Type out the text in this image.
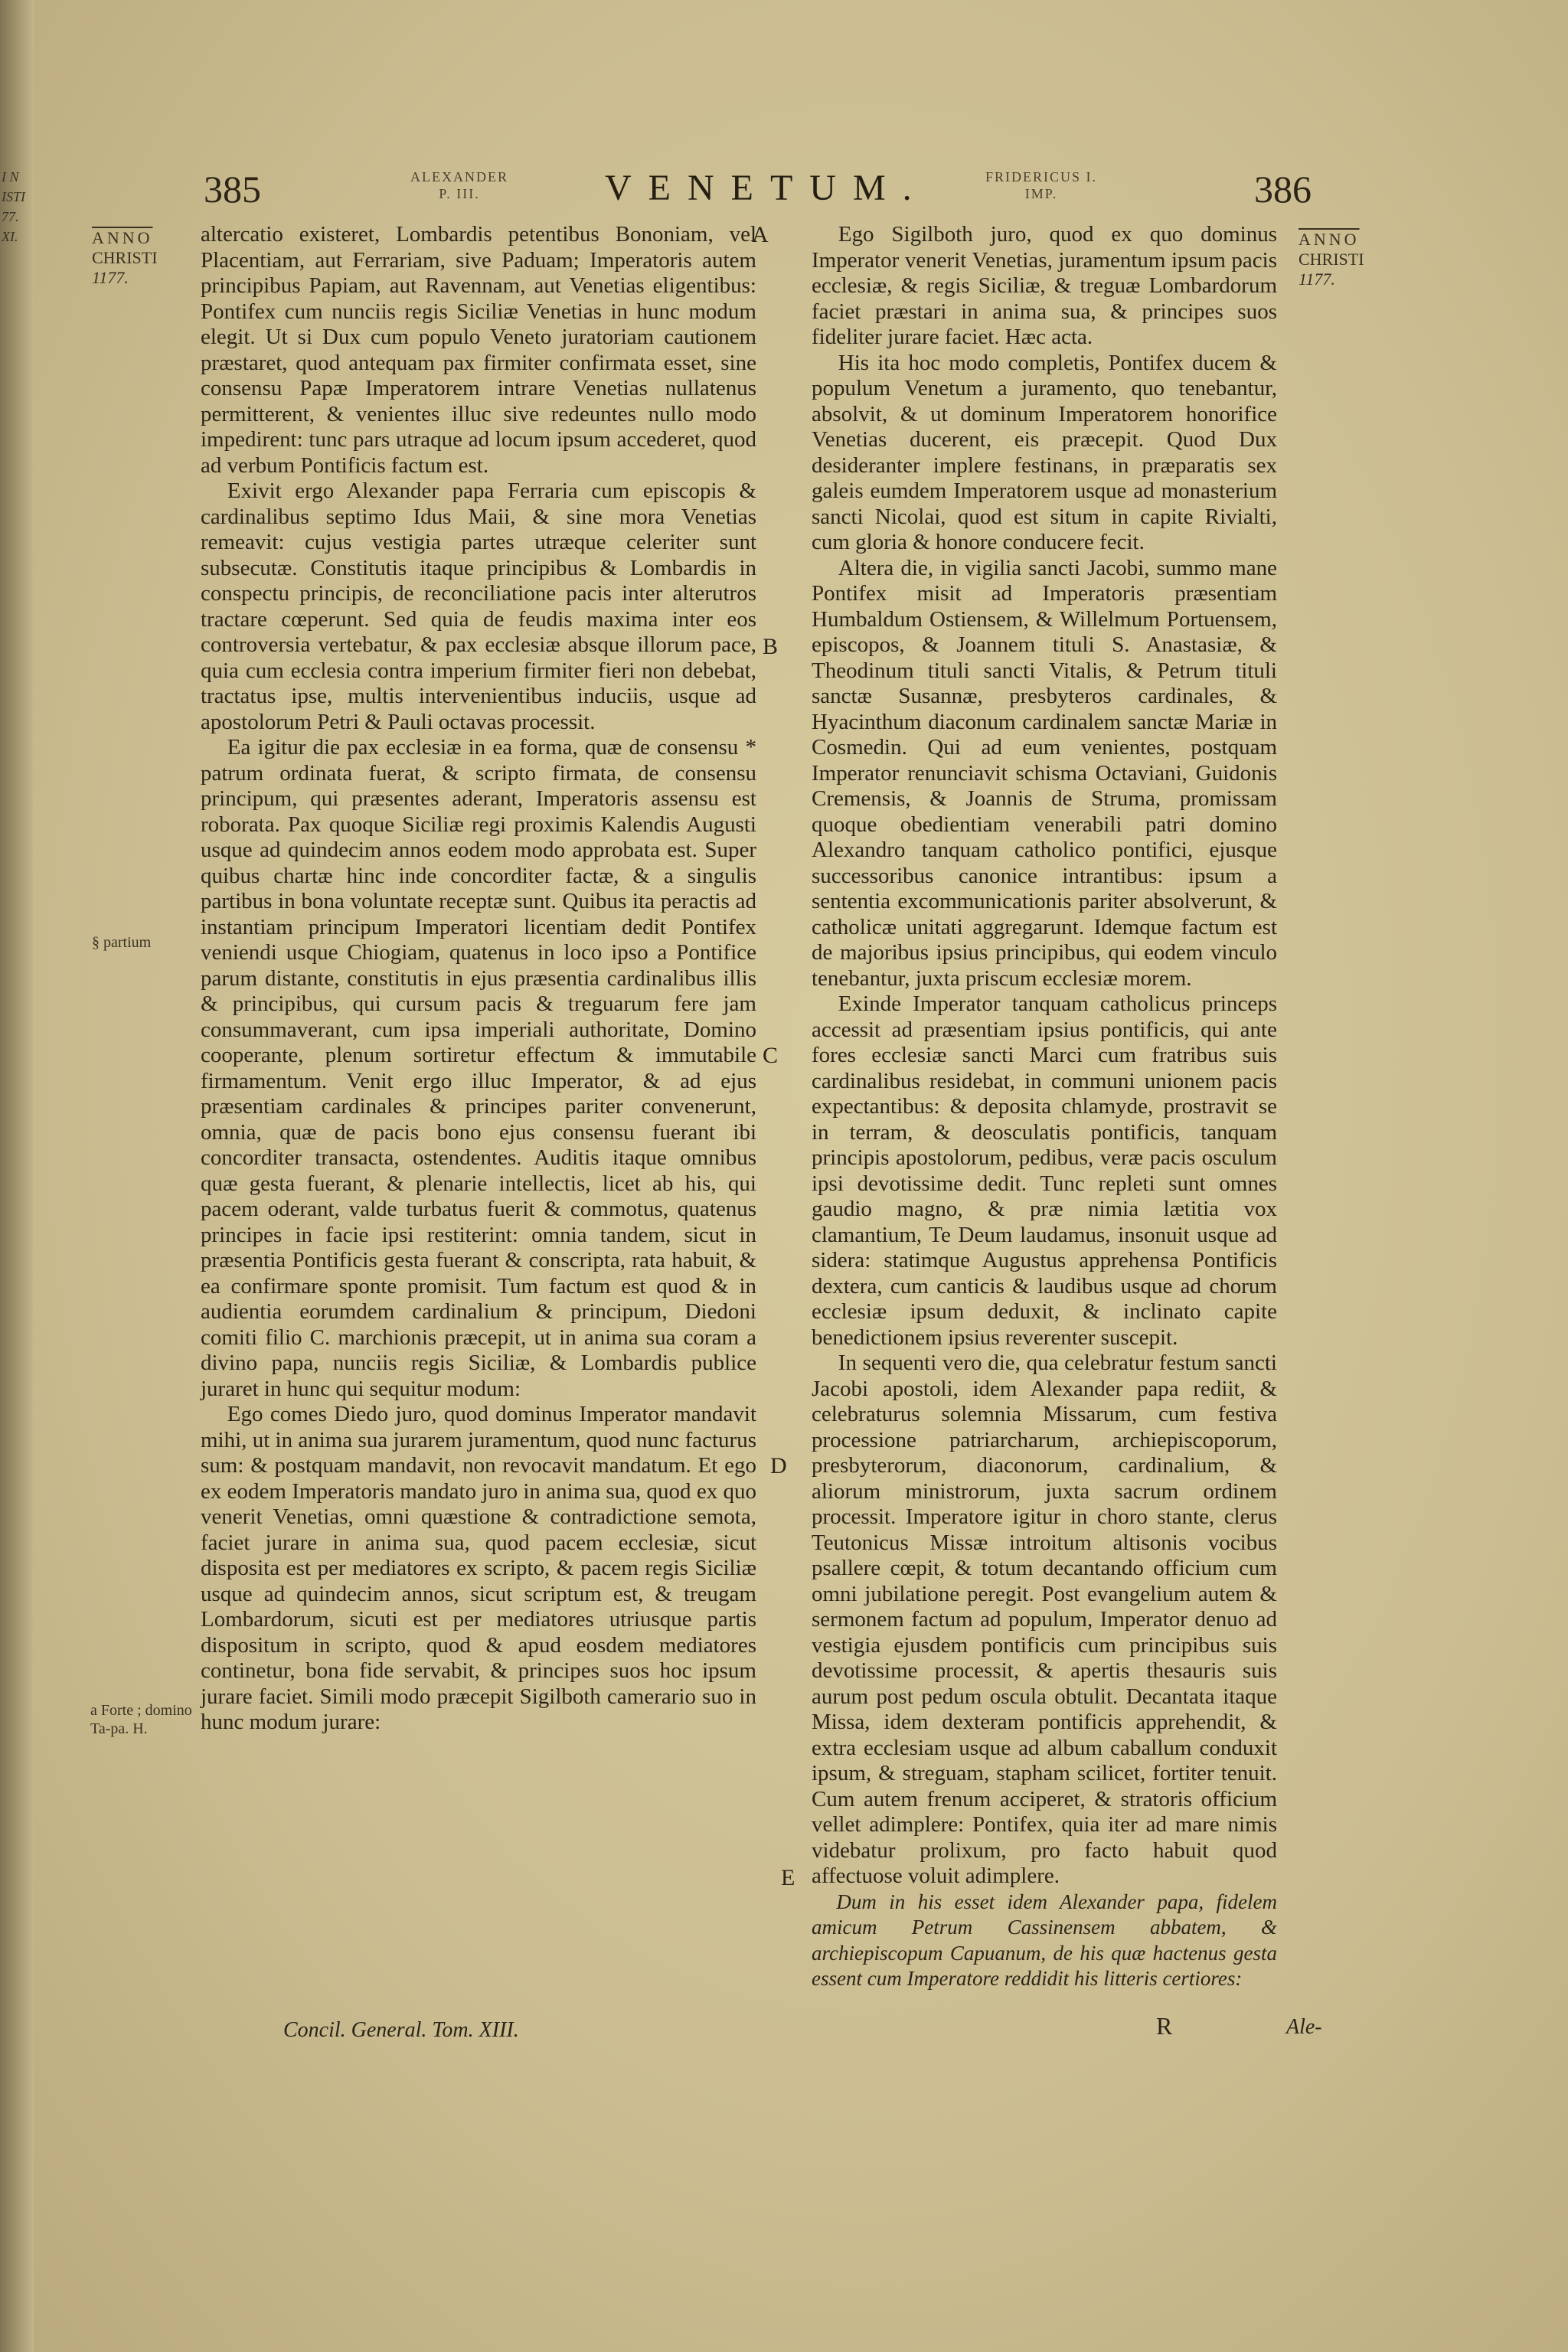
I N
ISTI
77.
XI.
385	ALEXANDER
P. III.	VENETUM.	FRIDERICUS I.
IMP.	386
ANNO
CHRISTI
1177.
ANNO
CHRISTI
1177.
§ partium
a Forte ; domino Ta-pa. H.

altercatio existeret, Lombardis petentibus Bononiam, vel Placentiam, aut Ferrariam, sive Paduam; Imperatoris autem principibus Papiam, aut Ravennam, aut Venetias eligentibus: Pontifex cum nunciis regis Siciliæ Venetias in hunc modum elegit. Ut si Dux cum populo Veneto juratoriam cautionem præstaret, quod antequam pax firmiter confirmata esset, sine consensu Papæ Imperatorem intrare Venetias nullatenus permitterent, & venientes illuc sive redeuntes nullo modo impedirent: tunc pars utraque ad locum ipsum accederet, quod ad verbum Pontificis factum est.

Exivit ergo Alexander papa Ferraria cum episcopis & cardinalibus septimo Idus Maii, & sine mora Venetias remeavit: cujus vestigia partes utræque celeriter sunt subsecutæ. Constitutis itaque principibus & Lombardis in conspectu principis, de reconciliatione pacis inter alterutros tractare cœperunt. Sed quia de feudis maxima inter eos controversia vertebatur, & pax ecclesiæ absque illorum pace, quia cum ecclesia contra imperium firmiter fieri non debebat, tractatus ipse, multis intervenientibus induciis, usque ad apostolorum Petri & Pauli octavas processit.

Ea igitur die pax ecclesiæ in ea forma, quæ de consensu * patrum ordinata fuerat, & scripto firmata, de consensu principum, qui præsentes aderant, Imperatoris assensu est roborata. Pax quoque Siciliæ regi proximis Kalendis Augusti usque ad quindecim annos eodem modo approbata est. Super quibus chartæ hinc inde concorditer factæ, & a singulis partibus in bona voluntate receptæ sunt. Quibus ita peractis ad instantiam principum Imperatori licentiam dedit Pontifex veniendi usque Chiogiam, quatenus in loco ipso a Pontifice parum distante, constitutis in ejus præsentia cardinalibus illis & principibus, qui cursum pacis & treguarum fere jam consummaverant, cum ipsa imperiali authoritate, Domino cooperante, plenum sortiretur effectum & immutabile firmamentum. Venit ergo illuc Imperator, & ad ejus præsentiam cardinales & principes pariter convenerunt, omnia, quæ de pacis bono ejus consensu fuerant ibi concorditer transacta, ostendentes. Auditis itaque omnibus quæ gesta fuerant, & plenarie intellectis, licet ab his, qui pacem oderant, valde turbatus fuerit & commotus, quatenus principes in facie ipsi restiterint: omnia tandem, sicut in præsentia Pontificis gesta fuerant & conscripta, rata habuit, & ea confirmare sponte promisit. Tum factum est quod & in audientia eorumdem cardinalium & principum, Diedoni comiti filio C. marchionis præcepit, ut in anima sua coram a divino papa, nunciis regis Siciliæ, & Lombardis publice juraret in hunc qui sequitur modum:

Ego comes Diedo juro, quod dominus Imperator mandavit mihi, ut in anima sua jurarem juramentum, quod nunc facturus sum: & postquam mandavit, non revocavit mandatum. Et ego ex eodem Imperatoris mandato juro in anima sua, quod ex quo venerit Venetias, omni quæstione & contradictione semota, faciet jurare in anima sua, quod pacem ecclesiæ, sicut dispositа est per mediatores ex scripto, & pacem regis Siciliæ usque ad quindecim annos, sicut scriptum est, & treugam Lombardorum, sicuti est per mediatores utriusque partis dispositum in scripto, quod & apud eosdem mediatores continetur, bona fide servabit, & principes suos hoc ipsum jurare faciet. Simili modo præcepit Sigilboth camerario suo in hunc modum jurare:

A
B
C
D
E

Ego Sigilboth juro, quod ex quo dominus Imperator venerit Venetias, juramentum ipsum pacis ecclesiæ, & regis Siciliæ, & treguæ Lombardorum faciet præstari in anima sua, & principes suos fideliter jurare faciet. Hæc acta.

His ita hoc modo completis, Pontifex ducem & populum Venetum a juramento, quo tenebantur, absolvit, & ut dominum Imperatorem honorifice Venetias ducerent, eis præcepit. Quod Dux desideranter implere festinans, in præparatis sex galeis eumdem Imperatorem usque ad monasterium sancti Nicolai, quod est situm in capite Rivialti, cum gloria & honore conducere fecit.

Altera die, in vigilia sancti Jacobi, summo mane Pontifex misit ad Imperatoris præsentiam Humbaldum Ostiensem, & Willelmum Portuensem, episcopos, & Joannem tituli S. Anastasiæ, & Theodinum tituli sancti Vitalis, & Petrum tituli sanctæ Susannæ, presbyteros cardinales, & Hyacinthum diaconum cardinalem sanctæ Mariæ in Cosmedin. Qui ad eum venientes, postquam Imperator renunciavit schisma Octaviani, Guidonis Cremensis, & Joannis de Struma, promissam quoque obedientiam venerabili patri domino Alexandro tanquam catholico pontifici, ejusque successoribus canonice intrantibus: ipsum a sententia excommunicationis pariter absolverunt, & catholicæ unitati aggregarunt. Idemque factum est de majoribus ipsius principibus, qui eodem vinculo tenebantur, juxta priscum ecclesiæ morem.

Exinde Imperator tanquam catholicus princeps accessit ad præsentiam ipsius pontificis, qui ante fores ecclesiæ sancti Marci cum fratribus suis cardinalibus residebat, in communi unionem pacis expectantibus: & deposita chlamyde, prostravit se in terram, & deosculatis pontificis, tanquam principis apostolorum, pedibus, veræ pacis osculum ipsi devotissime dedit. Tunc repleti sunt omnes gaudio magno, & præ nimia lætitia vox clamantium, Te Deum laudamus, insonuit usque ad sidera: statimque Augustus apprehensa Pontificis dextera, cum canticis & laudibus usque ad chorum ecclesiæ ipsum deduxit, & inclinato capite benedictionem ipsius reverenter suscepit.

In sequenti vero die, qua celebratur festum sancti Jacobi apostoli, idem Alexander papa rediit, & celebraturus solemnia Missarum, cum festiva processione patriarcharum, archiepiscoporum, presbyterorum, diaconorum, cardinalium, & aliorum ministrorum, juxta sacrum ordinem processit. Imperatore igitur in choro stante, clerus Teutonicus Missæ introitum altisonis vocibus psallere cœpit, & totum decantando officium cum omni jubilatione peregit. Post evangelium autem & sermonem factum ad populum, Imperator denuo ad vestigia ejusdem pontificis cum principibus suis devotissime processit, & apertis thesauris suis aurum post pedum oscula obtulit. Decantata itaque Missa, idem dexteram pontificis apprehendit, & extra ecclesiam usque ad album caballum conduxit ipsum, & streguam, stapham scilicet, fortiter tenuit. Cum autem frenum acciperet, & stratoris officium vellet adimplere: Pontifex, quia iter ad mare nimis videbatur prolixum, pro facto habuit quod affectuose voluit adimplere.

Dum in his esset idem Alexander papa, fidelem amicum Petrum Cassinensem abbatem, & archiepiscopum Capuanum, de his quæ hactenus gesta essent cum Imperatore reddidit his litteris certiores:

Concil. General. Tom. XIII.	R	Ale-
